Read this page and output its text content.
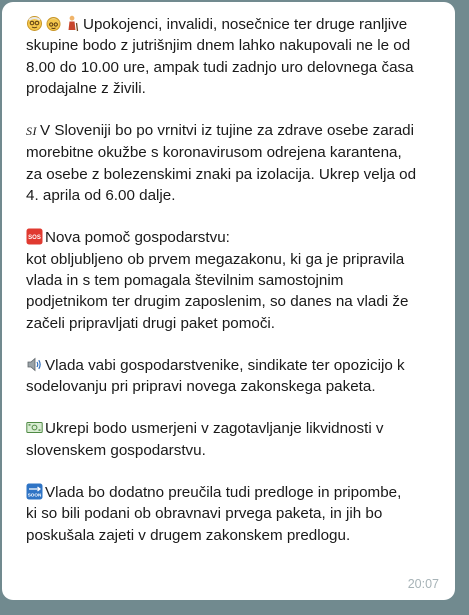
Upokojenci, invalidi, nosečnice ter druge ranljive
skupine bodo z jutrišnjim dnem lahko nakupovali ne le od
8.00 do 10.00 ure, ampak tudi zadnjo uro delovnega časa
prodajalne z živili.

SI V Sloveniji bo po vrnitvi iz tujine za zdrave osebe zaradi
morebitne okužbe s koronavirusom odrejena karantena,
za osebe z bolezenskimi znaki pa izolacija. Ukrep velja od
4. aprila od 6.00 dalje.

SOS Nova pomoč gospodarstvu:
kot obljubljeno ob prvem megazakonu, ki ga je pripravila
vlada in s tem pomagala številnim samostojnim
podjetnikom ter drugim zaposlenim, so danes na vladi že
začeli pripravljati drugi paket pomoči.

Vlada vabi gospodarstvenike, sindikate ter opozicijo k
sodelovanju pri pripravi novega zakonskega paketa.

Ukrepi bodo usmerjeni v zagotavljanje likvidnosti v
slovenskem gospodarstvu.

SOON Vlada bo dodatno preučila tudi predloge in pripombe,
ki so bili podani ob obravnavi prvega paketa, in jih bo
poskušala zajeti v drugem zakonskem predlogu.

20:07
